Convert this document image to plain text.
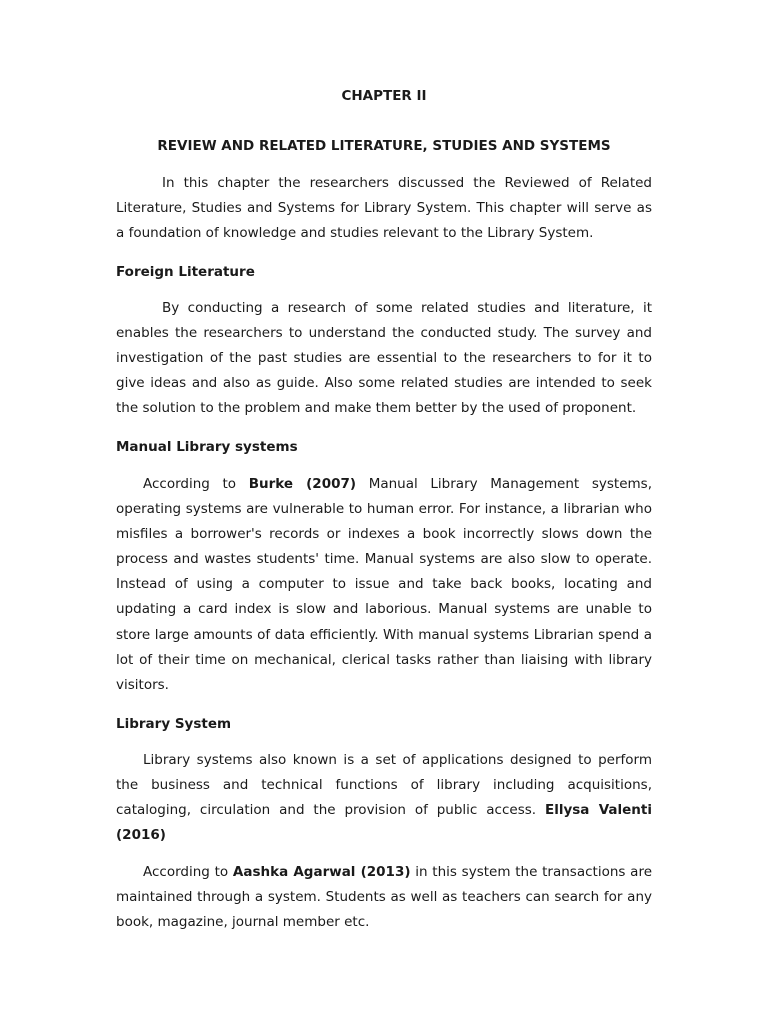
CHAPTER II
REVIEW AND RELATED LITERATURE, STUDIES AND SYSTEMS

In this chapter the researchers discussed the Reviewed of Related Literature, Studies and Systems for Library System. This chapter will serve as a foundation of knowledge and studies relevant to the Library System.

Foreign Literature

By conducting a research of some related studies and literature, it enables the researchers to understand the conducted study. The survey and investigation of the past studies are essential to the researchers to for it to give ideas and also as guide. Also some related studies are intended to seek the solution to the problem and make them better by the used of proponent.

Manual Library systems

According to Burke (2007) Manual Library Management systems, operating systems are vulnerable to human error. For instance, a librarian who misfiles a borrower's records or indexes a book incorrectly slows down the process and wastes students' time. Manual systems are also slow to operate. Instead of using a computer to issue and take back books, locating and updating a card index is slow and laborious. Manual systems are unable to store large amounts of data efficiently. With manual systems Librarian spend a lot of their time on mechanical, clerical tasks rather than liaising with library visitors.

Library System

Library systems also known is a set of applications designed to perform the business and technical functions of library including acquisitions, cataloging, circulation and the provision of public access. Ellysa Valenti (2016)

According to Aashka Agarwal (2013) in this system the transactions are maintained through a system. Students as well as teachers can search for any book, magazine, journal member etc.
